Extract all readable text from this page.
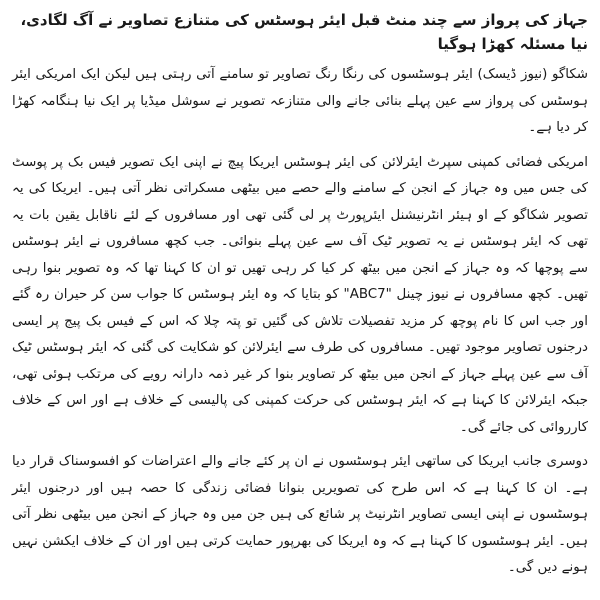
جہاز کی پرواز سے چند منٹ قبل ایئر ہوسٹس کی متنازع تصاویر نے آگ لگادی، نیا مسئلہ کھڑا ہوگیا

شکاگو (نیوز ڈیسک) ایئر ہوسٹسوں کی رنگا رنگ تصاویر تو سامنے آتی رہتی ہیں لیکن ایک امریکی ایئر ہوسٹس کی پرواز سے عین پہلے بنائی جانے والی متنازعہ تصویر نے سوشل میڈیا پر ایک نیا ہنگامہ کھڑا کر دیا ہے۔

امریکی فضائی کمپنی سپرٹ ایئرلائن کی ایئر ہوسٹس ایریکا پیچ نے اپنی ایک تصویر فیس بک پر پوسٹ کی جس میں وہ جہاز کے انجن کے سامنے والے حصے میں بیٹھی مسکراتی نظر آتی ہیں۔ ایریکا کی یہ تصویر شکاگو کے او ہیئر انٹرنیشنل ایئرپورٹ پر لی گئی تھی اور مسافروں کے لئے ناقابل یقین بات یہ تھی کہ ایئر ہوسٹس نے یہ تصویر ٹیک آف سے عین پہلے بنوائی۔ جب کچھ مسافروں نے ایئر ہوسٹس سے پوچھا کہ وہ جہاز کے انجن میں بیٹھ کر کیا کر رہی تھیں تو ان کا کہنا تھا کہ وہ تصویر بنوا رہی تھیں۔ کچھ مسافروں نے نیوز چینل "ABC7" کو بتایا کہ وہ ایئر ہوسٹس کا جواب سن کر حیران رہ گئے اور جب اس کا نام پوچھ کر مزید تفصیلات تلاش کی گئیں تو پتہ چلا کہ اس کے فیس بک پیج پر ایسی درجنوں تصاویر موجود تھیں۔ مسافروں کی طرف سے ایئرلائن کو شکایت کی گئی کہ ایئر ہوسٹس ٹیک آف سے عین پہلے جہاز کے انجن میں بیٹھ کر تصاویر بنوا کر غیر ذمہ دارانہ رویے کی مرتکب ہوئی تھی، جبکہ ایئرلائن کا کہنا ہے کہ ایئر ہوسٹس کی حرکت کمپنی کی پالیسی کے خلاف ہے اور اس کے خلاف کارروائی کی جائے گی۔

دوسری جانب ایریکا کی ساتھی ایئر ہوسٹسوں نے ان پر کئے جانے والے اعتراضات کو افسوسناک قرار دیا ہے۔ ان کا کہنا ہے کہ اس طرح کی تصویریں بنوانا فضائی زندگی کا حصہ ہیں اور درجنوں ایئر ہوسٹسوں نے اپنی ایسی تصاویر انٹرنیٹ پر شائع کی ہیں جن میں وہ جہاز کے انجن میں بیٹھی نظر آتی ہیں۔ ایئر ہوسٹسوں کا کہنا ہے کہ وہ ایریکا کی بھرپور حمایت کرتی ہیں اور ان کے خلاف ایکشن نہیں ہونے دیں گی۔
